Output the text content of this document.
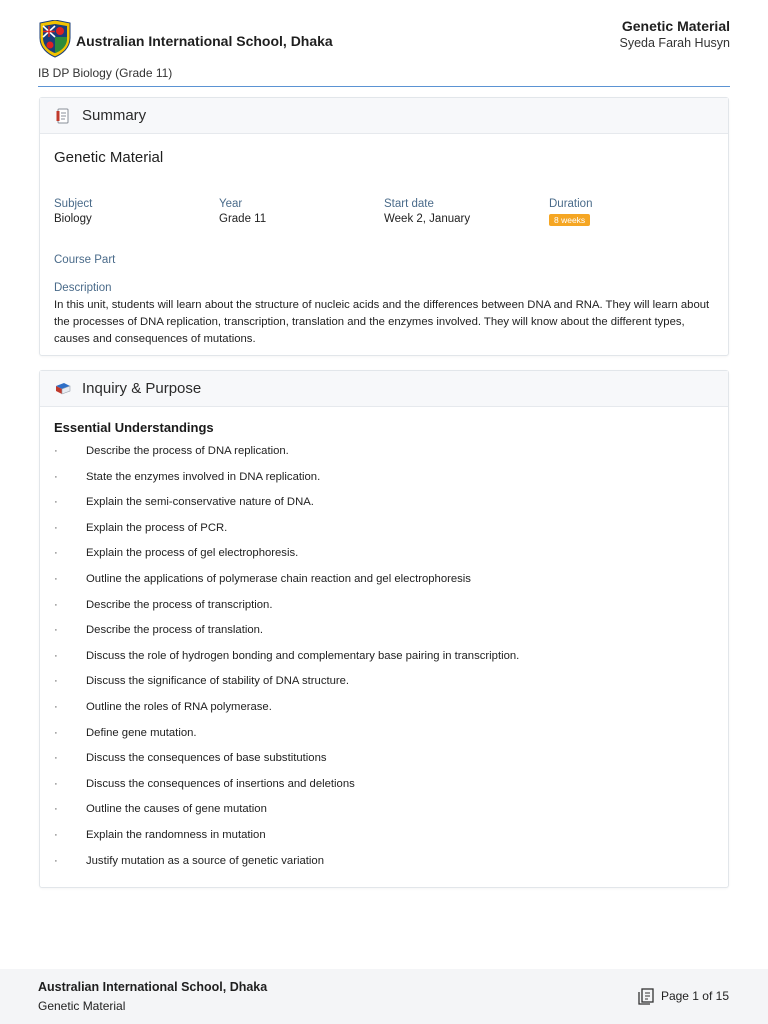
Australian International School, Dhaka
Genetic Material
Syeda Farah Husyn
IB DP Biology (Grade 11)
Summary
Genetic Material
Subject
Biology
Year
Grade 11
Start date
Week 2, January
Duration
8 weeks
Course Part
Description
In this unit, students will learn about the structure of nucleic acids and the differences between DNA and RNA. They will learn about the processes of DNA replication, transcription, translation and the enzymes involved. They will know about the different types, causes and consequences of mutations.
Inquiry & Purpose
Essential Understandings
· Describe the process of DNA replication.
· State the enzymes involved in DNA replication.
· Explain the semi-conservative nature of DNA.
· Explain the process of PCR.
· Explain the process of gel electrophoresis.
· Outline the applications of polymerase chain reaction and gel electrophoresis
· Describe the process of transcription.
· Describe the process of translation.
· Discuss the role of hydrogen bonding and complementary base pairing in transcription.
· Discuss the significance of stability of DNA structure.
· Outline the roles of RNA polymerase.
· Define gene mutation.
· Discuss the consequences of base substitutions
· Discuss the consequences of insertions and deletions
· Outline the causes of gene mutation
· Explain the randomness in mutation
· Justify mutation as a source of genetic variation
Australian International School, Dhaka
Genetic Material
Page 1 of 15
